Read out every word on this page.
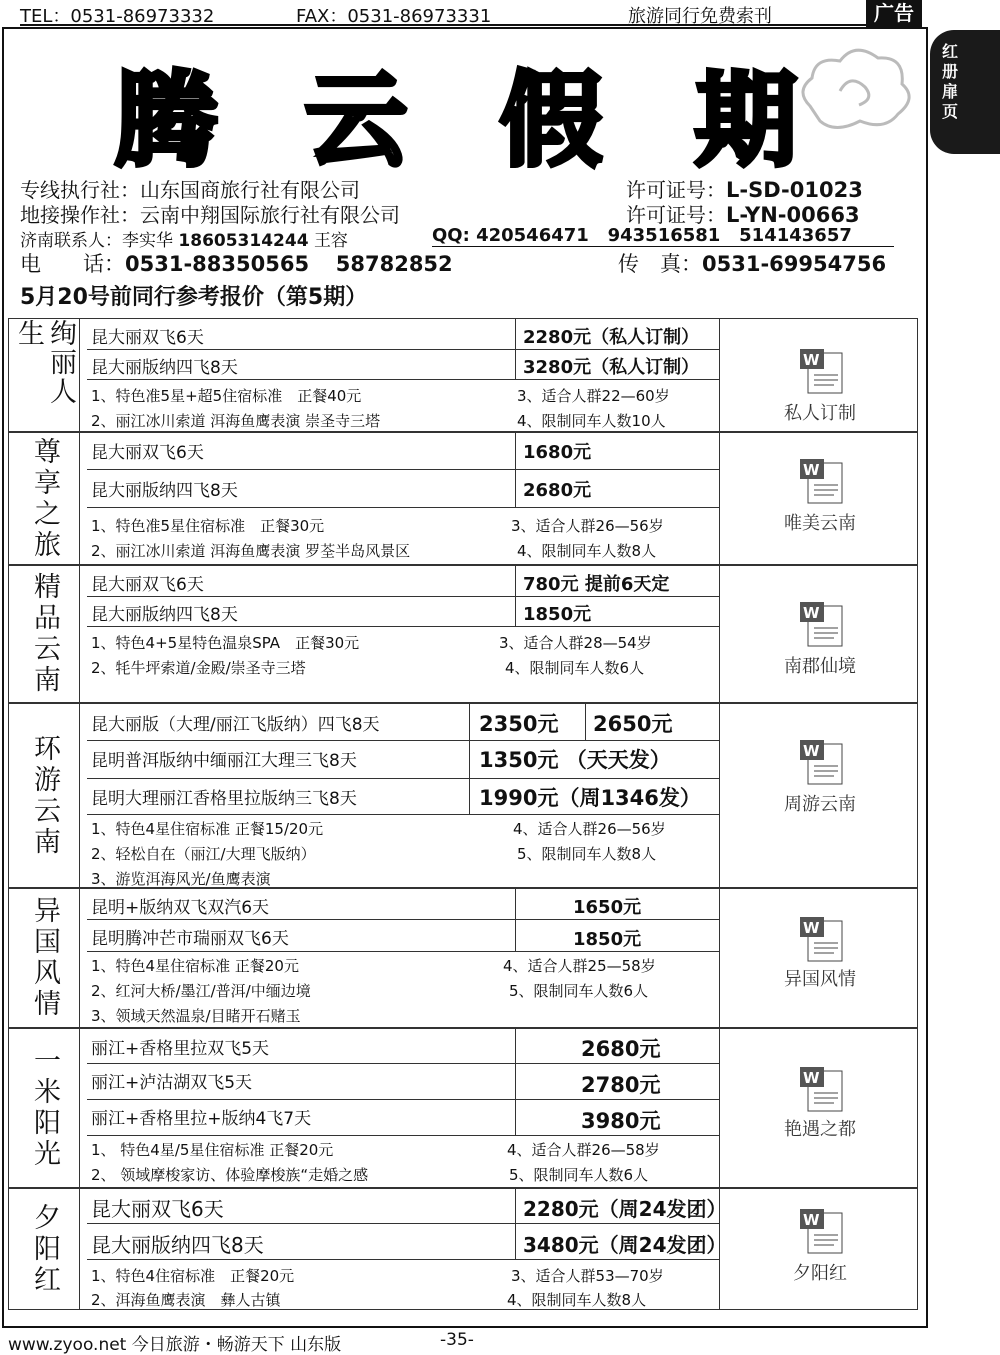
TEL：0531-86973332	FAX：0531-86973331	旅游同行免费索刊	广告
红册扉页
腾 云 假 期
专线执行社：山东国商旅行社有限公司	许可证号：L-SD-01023
地接操作社：云南中翔国际旅行社有限公司	许可证号：L-YN-00663
济南联系人：李实华 18605314244 王容	QQ: 420546471 943516581 514143657
电　　话：0531-88350565 58782852	传　真：0531-69954756
5月20号前同行参考报价（第5期）
绚丽人生	昆大丽双飞6天	2280元（私人订制）
昆大丽版纳四飞8天	3280元（私人订制）
1、特色准5星+超5住宿标准　正餐40元
2、丽江冰川索道 洱海鱼鹰表演 崇圣寺三塔
3、适合人群22—60岁
4、限制同车人数10人
W
私人订制
尊享之旅 昆大丽双飞6天	1680元
昆大丽版纳四飞8天	2680元
1、特色准5星住宿标准　正餐30元
2、丽江冰川索道 洱海鱼鹰表演 罗荃半岛风景区
3、适合人群26—56岁
4、限制同车人数8人
W
唯美云南
精品云南 昆大丽双飞6天	780元 提前6天定
昆大丽版纳四飞8天	1850元
1、特色4+5星特色温泉SPA　正餐30元
2、牦牛坪索道/金殿/崇圣寺三塔
3、适合人群28—54岁
4、限制同车人数6人
W
南郡仙境
环游云南
昆大丽版（大理/丽江飞版纳）四飞8天	2350元 2650元
昆明普洱版纳中缅丽江大理三飞8天	1350元 （天天发）
昆明大理丽江香格里拉版纳三飞8天	1990元（周1346发）
1、特色4星住宿标准 正餐15/20元
2、轻松自在（丽江/大理飞版纳）
3、游览洱海风光/鱼鹰表演
4、适合人群26—56岁
5、限制同车人数8人
W
周游云南
异国风情 昆明+版纳双飞双汽6天	1650元
昆明腾冲芒市瑞丽双飞6天	1850元
1、特色4星住宿标准 正餐20元
2、红河大桥/墨江/普洱/中缅边境
3、领域天然温泉/目睹开石赌玉
4、适合人群25—58岁
5、限制同车人数6人
W
异国风情
一米阳光 丽江+香格里拉双飞5天	2680元
丽江+泸沽湖双飞5天	2780元
丽江+香格里拉+版纳4飞7天	3980元
1、 特色4星/5星住宿标准 正餐20元
2、 领域摩梭家访、体验摩梭族“走婚之感
4、适合人群26—58岁
5、限制同车人数6人
W
艳遇之都
夕阳红 昆大丽双飞6天	2280元（周24发团）
昆大丽版纳四飞8天	3480元（周24发团）
1、特色4住宿标准　正餐20元
2、洱海鱼鹰表演　彝人古镇
3、适合人群53—70岁
4、限制同车人数8人
W
夕阳红
www.zyoo.net 今日旅游・畅游天下 山东版	-35-
